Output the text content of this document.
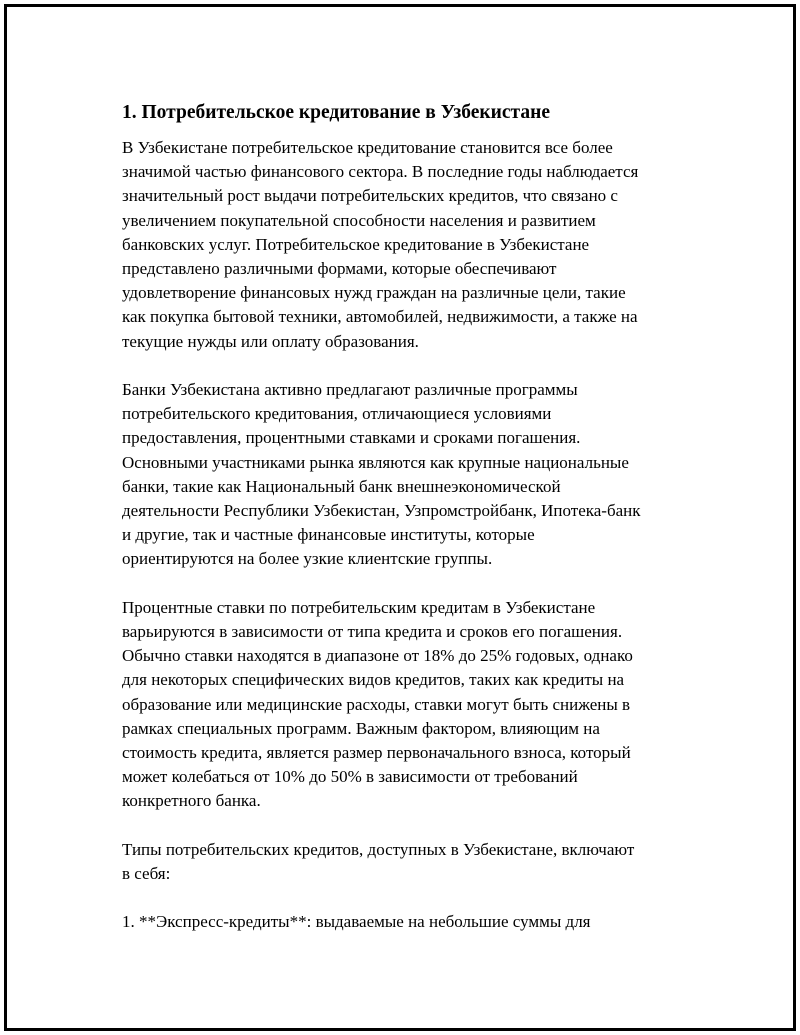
1. Потребительское кредитование в Узбекистане
В Узбекистане потребительское кредитование становится все более
значимой частью финансового сектора. В последние годы наблюдается
значительный рост выдачи потребительских кредитов, что связано с
увеличением покупательной способности населения и развитием
банковских услуг. Потребительское кредитование в Узбекистане
представлено различными формами, которые обеспечивают
удовлетворение финансовых нужд граждан на различные цели, такие
как покупка бытовой техники, автомобилей, недвижимости, а также на
текущие нужды или оплату образования.
Банки Узбекистана активно предлагают различные программы
потребительского кредитования, отличающиеся условиями
предоставления, процентными ставками и сроками погашения.
Основными участниками рынка являются как крупные национальные
банки, такие как Национальный банк внешнеэкономической
деятельности Республики Узбекистан, Узпромстройбанк, Ипотека-банк
и другие, так и частные финансовые институты, которые
ориентируются на более узкие клиентские группы.
Процентные ставки по потребительским кредитам в Узбекистане
варьируются в зависимости от типа кредита и сроков его погашения.
Обычно ставки находятся в диапазоне от 18% до 25% годовых, однако
для некоторых специфических видов кредитов, таких как кредиты на
образование или медицинские расходы, ставки могут быть снижены в
рамках специальных программ. Важным фактором, влияющим на
стоимость кредита, является размер первоначального взноса, который
может колебаться от 10% до 50% в зависимости от требований
конкретного банка.
Типы потребительских кредитов, доступных в Узбекистане, включают
в себя:
1. **Экспресс-кредиты**: выдаваемые на небольшие суммы для
